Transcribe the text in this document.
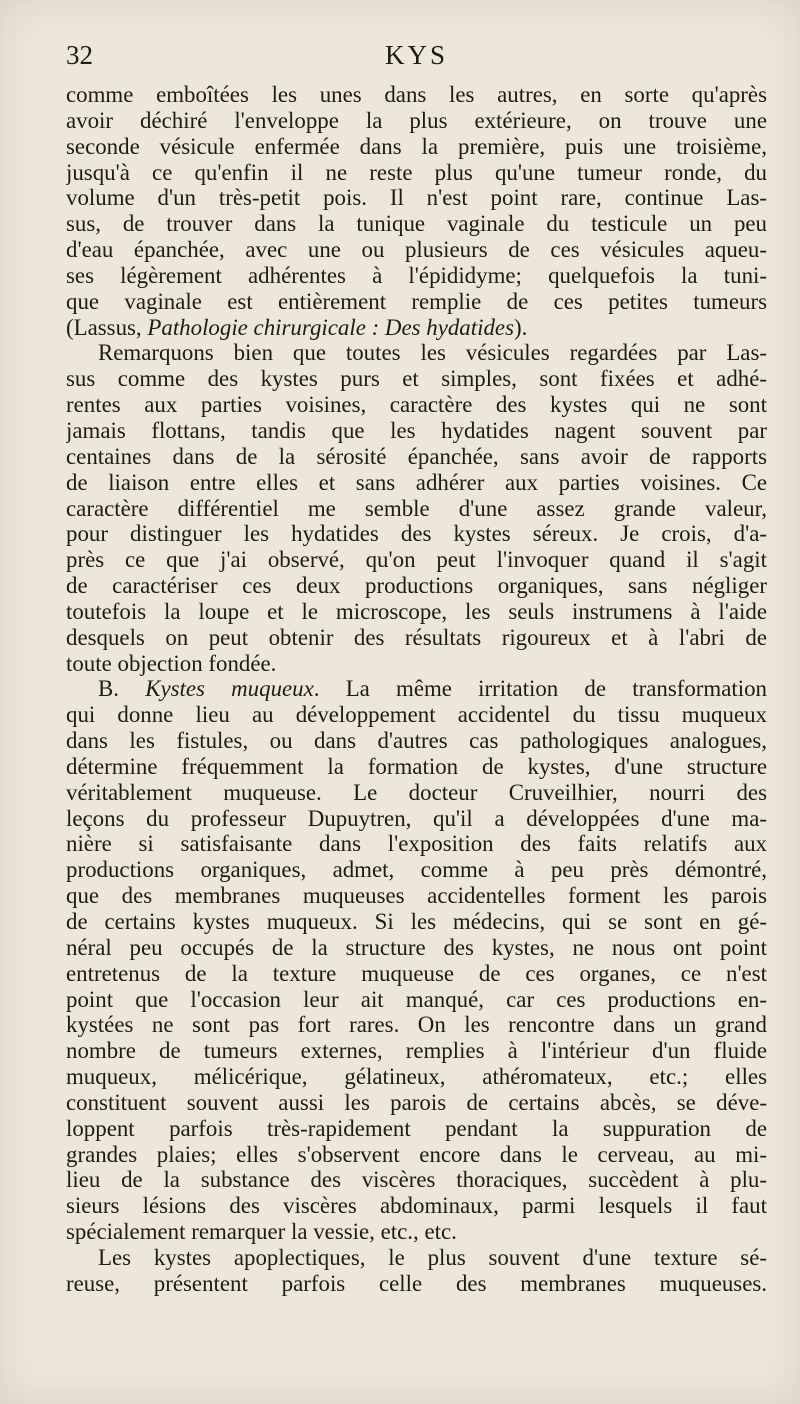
32	KYS
comme emboîtées les unes dans les autres, en sorte qu'après
avoir déchiré l'enveloppe la plus extérieure, on trouve une
seconde vésicule enfermée dans la première, puis une troisième,
jusqu'à ce qu'enfin il ne reste plus qu'une tumeur ronde, du
volume d'un très-petit pois. Il n'est point rare, continue Las-
sus, de trouver dans la tunique vaginale du testicule un peu
d'eau épanchée, avec une ou plusieurs de ces vésicules aqueu-
ses légèrement adhérentes à l'épididyme; quelquefois la tuni-
que vaginale est entièrement remplie de ces petites tumeurs
(Lassus, Pathologie chirurgicale : Des hydatides).
Remarquons bien que toutes les vésicules regardées par Las-
sus comme des kystes purs et simples, sont fixées et adhé-
rentes aux parties voisines, caractère des kystes qui ne sont
jamais flottans, tandis que les hydatides nagent souvent par
centaines dans de la sérosité épanchée, sans avoir de rapports
de liaison entre elles et sans adhérer aux parties voisines. Ce
caractère différentiel me semble d'une assez grande valeur,
pour distinguer les hydatides des kystes séreux. Je crois, d'a-
près ce que j'ai observé, qu'on peut l'invoquer quand il s'agit
de caractériser ces deux productions organiques, sans négliger
toutefois la loupe et le microscope, les seuls instrumens à l'aide
desquels on peut obtenir des résultats rigoureux et à l'abri de
toute objection fondée.
B. Kystes muqueux. La même irritation de transformation
qui donne lieu au développement accidentel du tissu muqueux
dans les fistules, ou dans d'autres cas pathologiques analogues,
détermine fréquemment la formation de kystes, d'une structure
véritablement muqueuse. Le docteur Cruveilhier, nourri des
leçons du professeur Dupuytren, qu'il a développées d'une ma-
nière si satisfaisante dans l'exposition des faits relatifs aux
productions organiques, admet, comme à peu près démontré,
que des membranes muqueuses accidentelles forment les parois
de certains kystes muqueux. Si les médecins, qui se sont en gé-
néral peu occupés de la structure des kystes, ne nous ont point
entretenus de la texture muqueuse de ces organes, ce n'est
point que l'occasion leur ait manqué, car ces productions en-
kystées ne sont pas fort rares. On les rencontre dans un grand
nombre de tumeurs externes, remplies à l'intérieur d'un fluide
muqueux, mélicérique, gélatineux, athéromateux, etc.; elles
constituent souvent aussi les parois de certains abcès, se déve-
loppent parfois très-rapidement pendant la suppuration de
grandes plaies; elles s'observent encore dans le cerveau, au mi-
lieu de la substance des viscères thoraciques, succèdent à plu-
sieurs lésions des viscères abdominaux, parmi lesquels il faut
spécialement remarquer la vessie, etc., etc.
Les kystes apoplectiques, le plus souvent d'une texture sé-
reuse, présentent parfois celle des membranes muqueuses.
